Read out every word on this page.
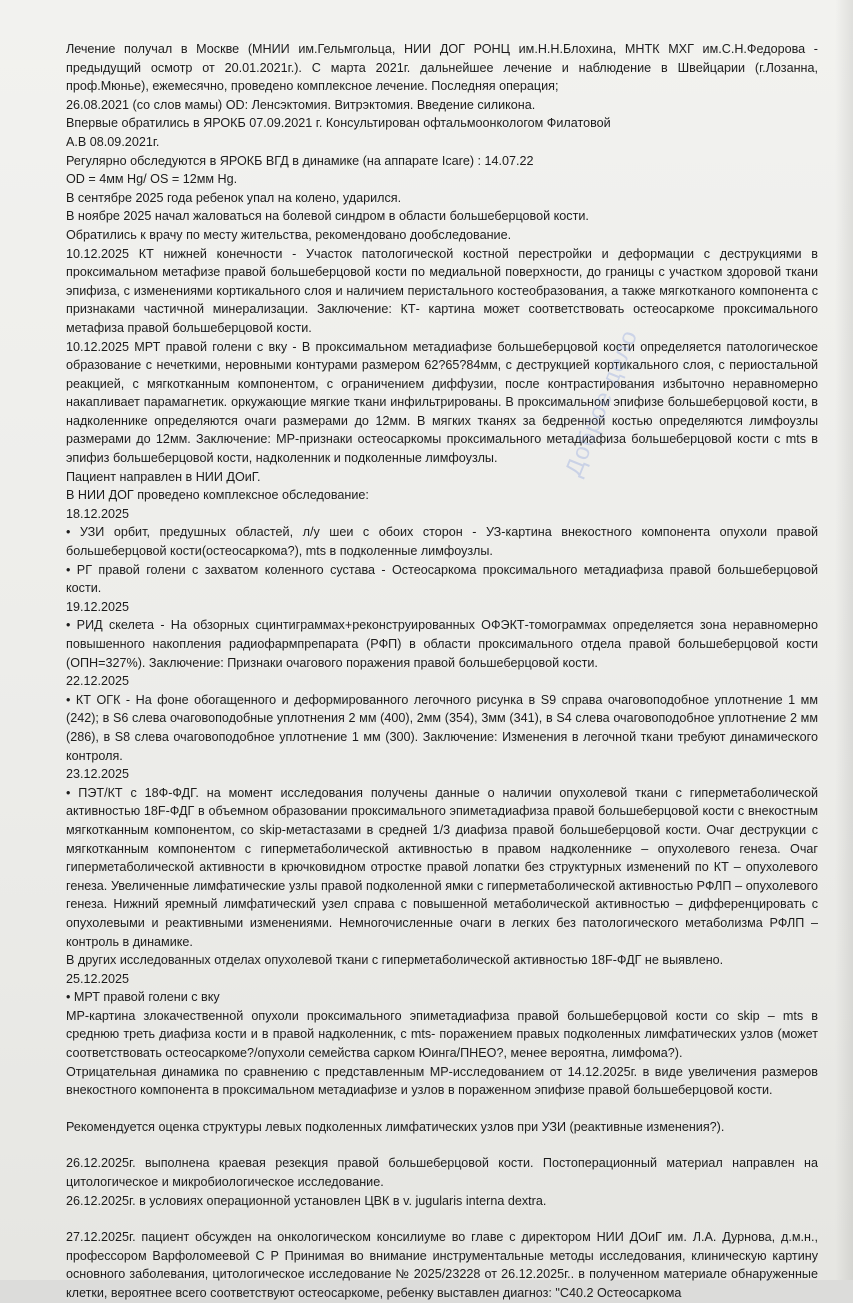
Лечение получал в Москве (МНИИ им.Гельмгольца, НИИ ДОГ РОНЦ им.Н.Н.Блохина, МНТК МХГ им.С.Н.Федорова - предыдущий осмотр от 20.01.2021г.). С марта 2021г. дальнейшее лечение и наблюдение в Швейцарии (г.Лозанна, проф.Мюнье), ежемесячно, проведено комплексное лечение. Последняя операция;

26.08.2021 (со слов мамы) OD: Ленсэктомия. Витрэктомия. Введение силикона.

Впервые обратились в ЯРОКБ 07.09.2021 г. Консультирован офтальмоонкологом Филатовой

А.В 08.09.2021г.

Регулярно обследуются в ЯРОКБ ВГД в динамике (на аппарате Icare) : 14.07.22

OD = 4мм Hg/ OS = 12мм Hg.

В сентябре 2025 года ребенок упал на колено, ударился.

В ноябре 2025 начал жаловаться на болевой синдром в области большеберцовой кости.

Обратились к врачу по месту жительства, рекомендовано дообследование.

10.12.2025 КТ нижней конечности - Участок патологической костной перестройки и деформации с деструкциями в проксимальном метафизе правой большеберцовой кости по медиальной поверхности, до границы с участком здоровой ткани эпифиза, с изменениями кортикального слоя и наличием перистального костеобразования, а также мягкотканого компонента с признаками частичной минерализации. Заключение: КТ- картина может соответствовать остеосаркоме проксимального метафиза правой большеберцовой кости.

10.12.2025 МРТ правой голени с вку - В проксимальном метадиафизе большеберцовой кости определяется патологическое образование с нечеткими, неровными контурами размером 62?65?84мм, с деструкцией кортикального слоя, с периостальной реакцией, с мягкотканным компонентом, с ограничением диффузии, после контрастирования избыточно неравномерно накапливает парамагнетик. оркужающие мягкие ткани инфильтрированы. В проксимальном эпифизе большеберцовой кости, в надколеннике определяются очаги размерами до 12мм. В мягких тканях за бедренной костью определяются лимфоузлы размерами до 12мм. Заключение: МР-признаки остеосаркомы проксимального метадиафиза большеберцовой кости с mts в эпифиз большеберцовой кости, надколенник и подколенные лимфоузлы.

Пациент направлен в НИИ ДОиГ.

В НИИ ДОГ проведено комплексное обследование:

18.12.2025

• УЗИ орбит, предушных областей, л/у шеи с обоих сторон - УЗ-картина внекостного компонента опухоли правой большеберцовой кости(остеосаркома?), mts в подколенные лимфоузлы.

• РГ правой голени с захватом коленного сустава - Остеосаркома проксимального метадиафиза правой большеберцовой кости.

19.12.2025

• РИД скелета - На обзорных сцинтиграммах+реконструированных ОФЭКТ-томограммах определяется зона неравномерно повышенного накопления радиофармпрепарата (РФП) в области проксимального отдела правой большеберцовой кости (ОПН=327%). Заключение: Признаки очагового поражения правой большеберцовой кости.

22.12.2025

• КТ ОГК - На фоне обогащенного и деформированного легочного рисунка в S9 справа очаговоподобное уплотнение 1 мм (242); в S6 слева очаговоподобные уплотнения 2 мм (400), 2мм (354), 3мм (341), в S4 слева очаговоподобное уплотнение 2 мм (286), в S8 слева очаговоподобное уплотнение 1 мм (300). Заключение: Изменения в легочной ткани требуют динамического контроля.

23.12.2025

• ПЭТ/КТ с 18Ф-ФДГ. на момент исследования получены данные о наличии опухолевой ткани с гиперметаболической активностью 18F-ФДГ в объемном образовании проксимального эпиметадиафиза правой большеберцовой кости с внекостным мягкотканным компонентом, со skip-метастазами в средней 1/3 диафиза правой большеберцовой кости. Очаг деструкции с мягкотканным компонентом с гиперметаболической активностью в правом надколеннике – опухолевого генеза. Очаг гиперметаболической активности в крючковидном отростке правой лопатки без структурных изменений по КТ – опухолевого генеза. Увеличенные лимфатические узлы правой подколенной ямки с гиперметаболической активностью РФЛП – опухолевого генеза. Нижний яремный лимфатический узел справа с повышенной метаболической активностью – дифференцировать с опухолевыми и реактивными изменениями. Немногочисленные очаги в легких без патологического метаболизма РФЛП – контроль в динамике.

В других исследованных отделах опухолевой ткани с гиперметаболической активностью 18F-ФДГ не выявлено.

25.12.2025

• МРТ правой голени с вку

МР-картина злокачественной опухоли проксимального эпиметадиафиза правой большеберцовой кости со skip – mts в среднюю треть диафиза кости и в правой надколенник, с mts- поражением правых подколенных лимфатических узлов (может соответствовать остеосаркоме?/опухоли семейства сарком Юинга/ПНЕО?, менее вероятна, лимфома?).

Отрицательная динамика по сравнению с представленным МР-исследованием от 14.12.2025г. в виде увеличения размеров внекостного компонента в проксимальном метадиафизе и узлов в пораженном эпифизе правой большеберцовой кости.

Рекомендуется оценка структуры левых подколенных лимфатических узлов при УЗИ (реактивные изменения?).

26.12.2025г. выполнена краевая резекция правой большеберцовой кости. Постоперационный материал направлен на цитологическое и микробиологическое исследование.

26.12.2025г. в условиях операционной установлен ЦВК в v. jugularis interna dextra.

27.12.2025г. пациент обсужден на онкологическом консилиуме во главе с директором НИИ ДОиГ им. Л.А. Дурнова, д.м.н., профессором Варфоломеевой С Р Принимая во внимание инструментальные методы исследования, клиническую картину основного заболевания, цитологическое исследование № 2025/23228 от 26.12.2025г.. в полученном материале обнаруженные клетки, вероятнее всего соответствуют остеосаркоме, ребенку выставлен диагноз: "C40.2 Остеосаркома

Доброе дело
